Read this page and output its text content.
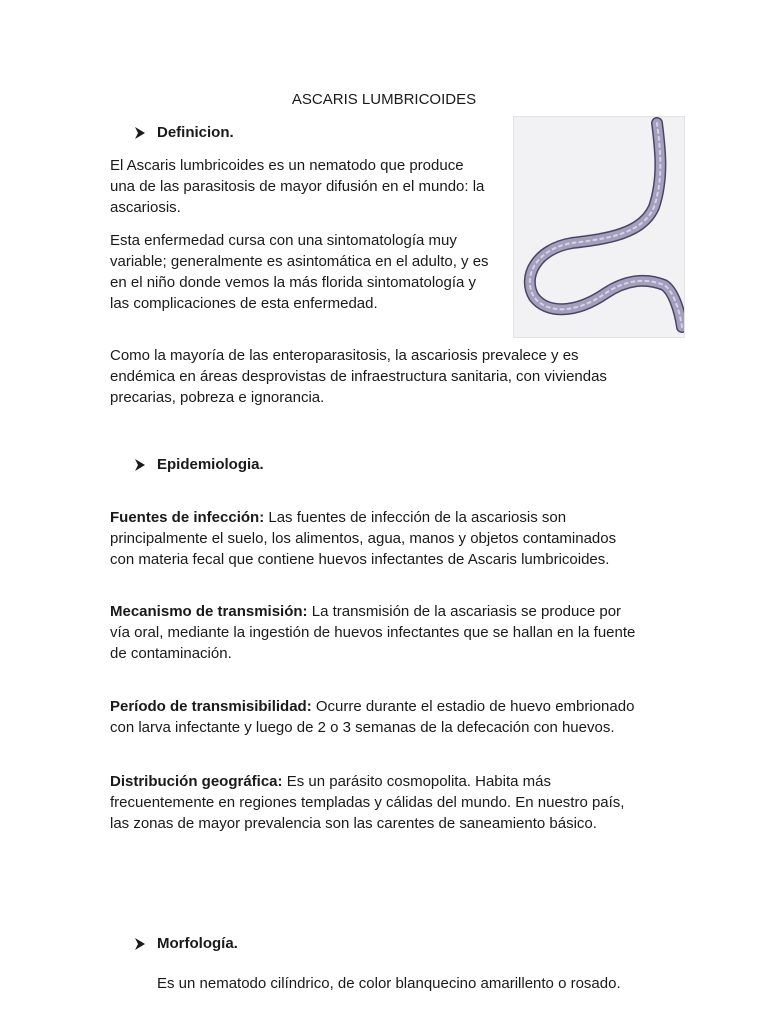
ASCARIS LUMBRICOIDES
Definicion.
El Ascaris lumbricoides es un nematodo que produce
una de las parasitosis de mayor difusión en el mundo: la
ascariosis.
Esta enfermedad cursa con una sintomatología muy
variable; generalmente es asintomática en el adulto, y es
en el niño donde vemos la más florida sintomatología y
las complicaciones de esta enfermedad.
Como la mayoría de las enteroparasitosis, la ascariosis prevalece y es
endémica en áreas desprovistas de infraestructura sanitaria, con viviendas
precarias, pobreza e ignorancia.
Epidemiologia.
Fuentes de infección: Las fuentes de infección de la ascariosis son
principalmente el suelo, los alimentos, agua, manos y objetos contaminados
con materia fecal que contiene huevos infectantes de Ascaris lumbricoides.
Mecanismo de transmisión: La transmisión de la ascariasis se produce por
vía oral, mediante la ingestión de huevos infectantes que se hallan en la fuente
de contaminación.
Período de transmisibilidad: Ocurre durante el estadio de huevo embrionado
con larva infectante y luego de 2 o 3 semanas de la defecación con huevos.
Distribución geográfica: Es un parásito cosmopolita. Habita más
frecuentemente en regiones templadas y cálidas del mundo. En nuestro país,
las zonas de mayor prevalencia son las carentes de saneamiento básico.
Morfología.
Es un nematodo cilíndrico, de color blanquecino amarillento o rosado.
